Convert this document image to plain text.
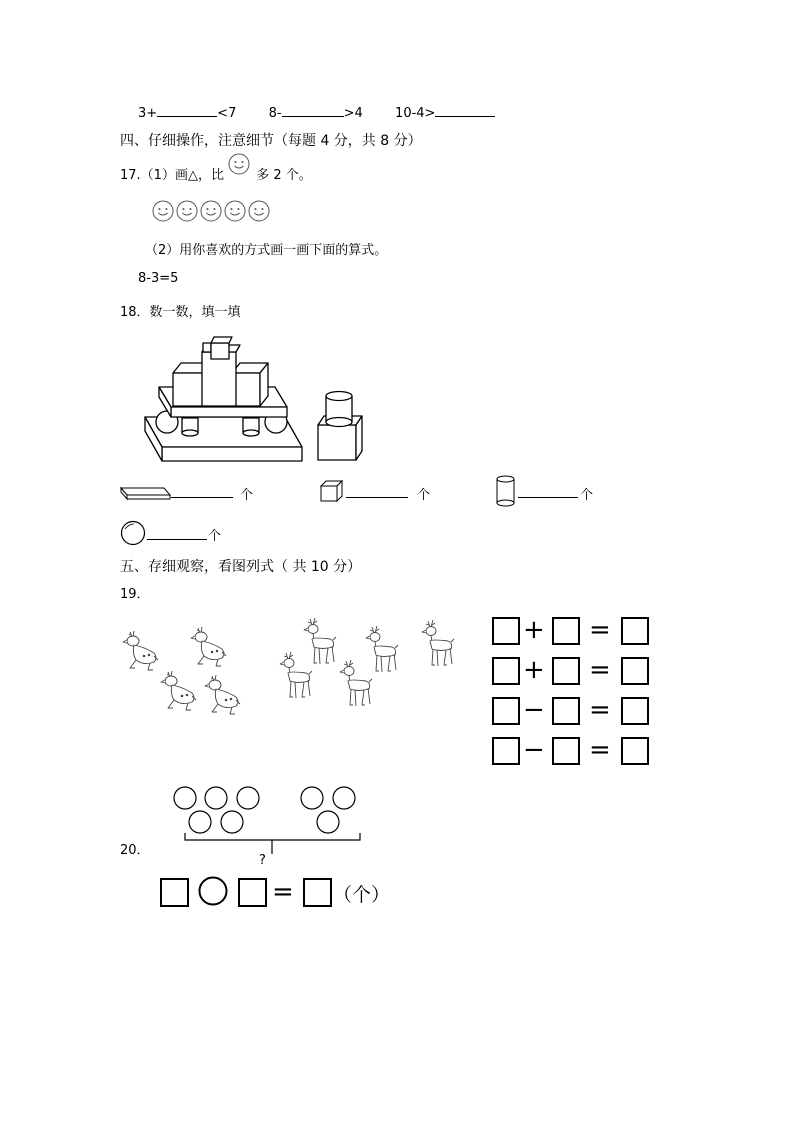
3+	<7 8-	>4 10-4>
四、仔细操作，注意细节（每题 4 分，共 8 分）
17.（1）画△，比 多 2 个。
（2）用你喜欢的方式画一画下面的算式。
8-3=5
18．数一数，填一填
个	个	个
个
五、存细观察，看图列式（ 共 10 分）
19．
+ =
+ =
− =
− =
20．
?
= （个）
